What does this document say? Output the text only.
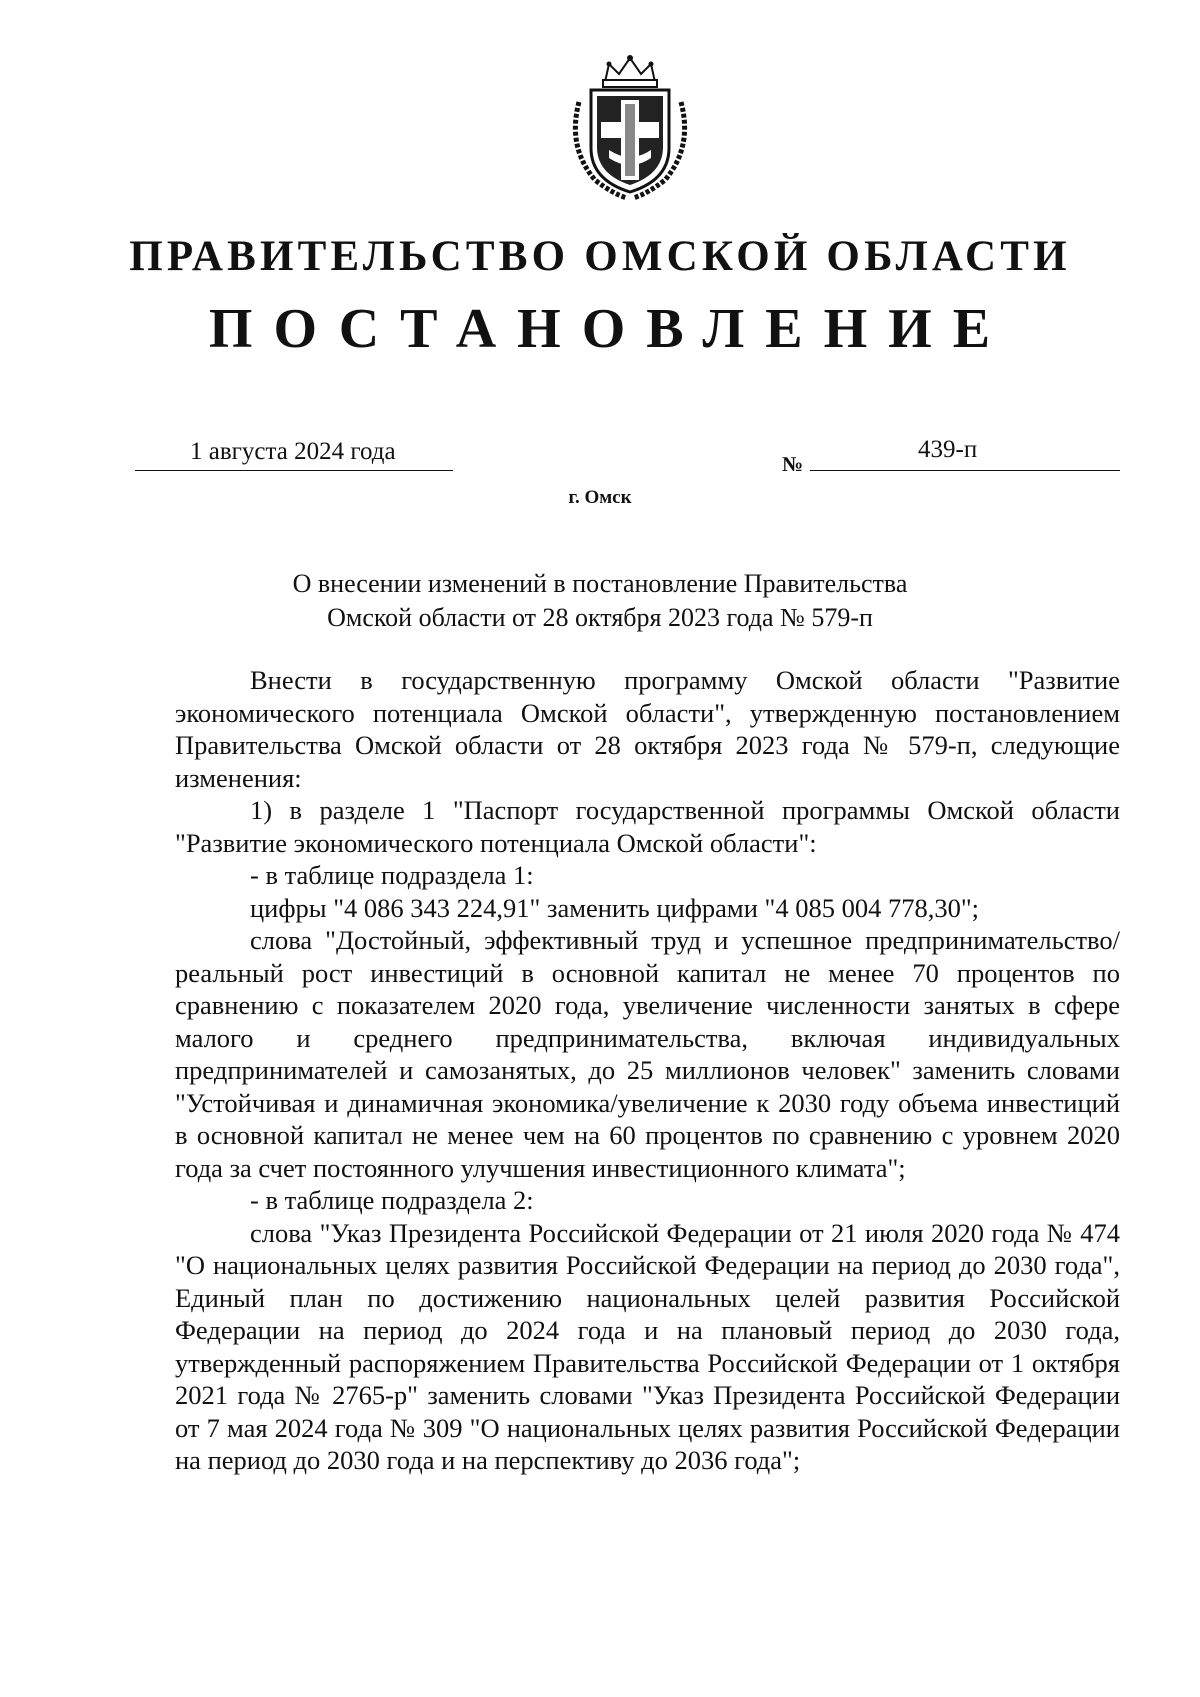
ПРАВИТЕЛЬСТВО ОМСКОЙ ОБЛАСТИ
ПОСТАНОВЛЕНИЕ
1 августа 2024 года	№
439-п
г. Омск
О внесении изменений в постановление Правительства
Омской области от 28 октября 2023 года № 579-п

Внести в государственную программу Омской области "Развитие экономического потенциала Омской области", утвержденную постановлением Правительства Омской области от 28 октября 2023 года № 579-п, следующие изменения:

1) в разделе 1 "Паспорт государственной программы Омской области "Развитие экономического потенциала Омской области":

- в таблице подраздела 1:

цифры "4 086 343 224,91" заменить цифрами "4 085 004 778,30";

слова "Достойный, эффективный труд и успешное предпринимательство/реальный рост инвестиций в основной капитал не менее 70 процентов по сравнению с показателем 2020 года, увеличение численности занятых в сфере малого и среднего предпринимательства, включая индивидуальных предпринимателей и самозанятых, до 25 миллионов человек" заменить словами "Устойчивая и динамичная экономика/увеличение к 2030 году объема инвестиций в основной капитал не менее чем на 60 процентов по сравнению с уровнем 2020 года за счет постоянного улучшения инвестиционного климата";

- в таблице подраздела 2:

слова "Указ Президента Российской Федерации от 21 июля 2020 года № 474 "О национальных целях развития Российской Федерации на период до 2030 года", Единый план по достижению национальных целей развития Российской Федерации на период до 2024 года и на плановый период до 2030 года, утвержденный распоряжением Правительства Российской Федерации от 1 октября 2021 года № 2765-р" заменить словами "Указ Президента Российской Федерации от 7 мая 2024 года № 309 "О национальных целях развития Российской Федерации на период до 2030 года и на перспективу до 2036 года";
